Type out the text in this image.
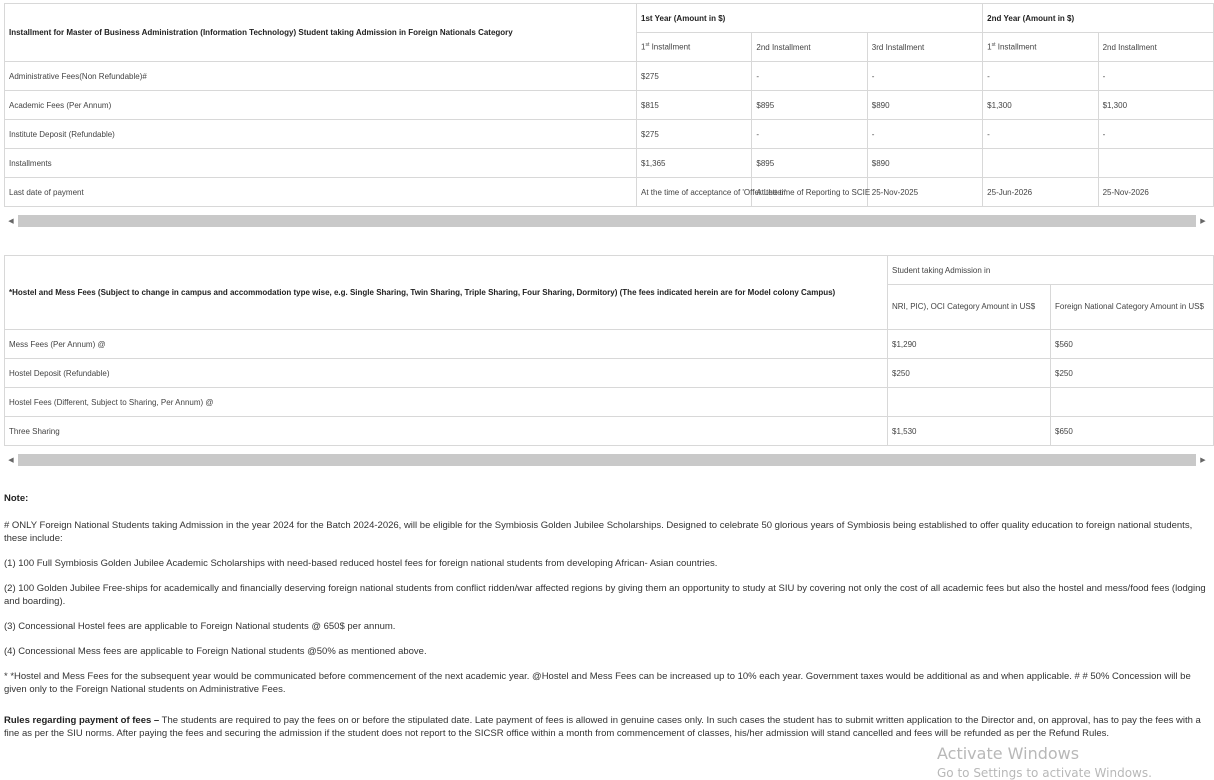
Installment for Master of Business Administration (Information Technology) Student taking Admission in Foreign Nationals Category	1st Year (Amount in $)			2nd Year (Amount in $)	
	1st Installment	2nd Installment	3rd Installment	1st Installment	2nd Installment
Administrative Fees(Non Refundable)#	$275	-	-	-	-
Academic Fees (Per Annum)	$815	$895	$890	$1,300	$1,300
Institute Deposit (Refundable)	$275	-	-	-	-
Installments	$1,365	$895	$890		
Last date of payment	At the time of acceptance of 'Offer Letter'	At the time of Reporting to SCIE	25-Nov-2025	25-Jun-2026	25-Nov-2026
◀	▶
*Hostel and Mess Fees (Subject to change in campus and accommodation type wise, e.g. Single Sharing, Twin Sharing, Triple Sharing, Four Sharing, Dormitory) (The fees indicated herein are for Model colony Campus)	Student taking Admission in	
	NRI, PIC), OCI Category Amount in US$	Foreign National Category Amount in US$
Mess Fees (Per Annum) @	$1,290	$560
Hostel Deposit (Refundable)	$250	$250
Hostel Fees (Different, Subject to Sharing, Per Annum) @		
Three Sharing	$1,530	$650
◀	▶

Note:

# ONLY Foreign National Students taking Admission in the year 2024 for the Batch 2024-2026, will be eligible for the Symbiosis Golden Jubilee Scholarships. Designed to celebrate 50 glorious years of Symbiosis being established to offer quality education to foreign national students, these include:

(1) 100 Full Symbiosis Golden Jubilee Academic Scholarships with need-based reduced hostel fees for foreign national students from developing African- Asian countries.

(2) 100 Golden Jubilee Free-ships for academically and financially deserving foreign national students from conflict ridden/war affected regions by giving them an opportunity to study at SIU by covering not only the cost of all academic fees but also the hostel and mess/food fees (lodging and boarding).

(3) Concessional Hostel fees are applicable to Foreign National students @ 650$ per annum.

(4) Concessional Mess fees are applicable to Foreign National students @50% as mentioned above.

* *Hostel and Mess Fees for the subsequent year would be communicated before commencement of the next academic year. @Hostel and Mess Fees can be increased up to 10% each year. Government taxes would be additional as and when applicable. # # 50% Concession will be given only to the Foreign National students on Administrative Fees.

Rules regarding payment of fees – The students are required to pay the fees on or before the stipulated date. Late payment of fees is allowed in genuine cases only. In such cases the student has to submit written application to the Director and, on approval, has to pay the fees with a fine as per the SIU norms. After paying the fees and securing the admission if the student does not report to the SICSR office within a month from commencement of classes, his/her admission will stand cancelled and fees will be refunded as per the Refund Rules.

Activate Windows
Go to Settings to activate Windows.
